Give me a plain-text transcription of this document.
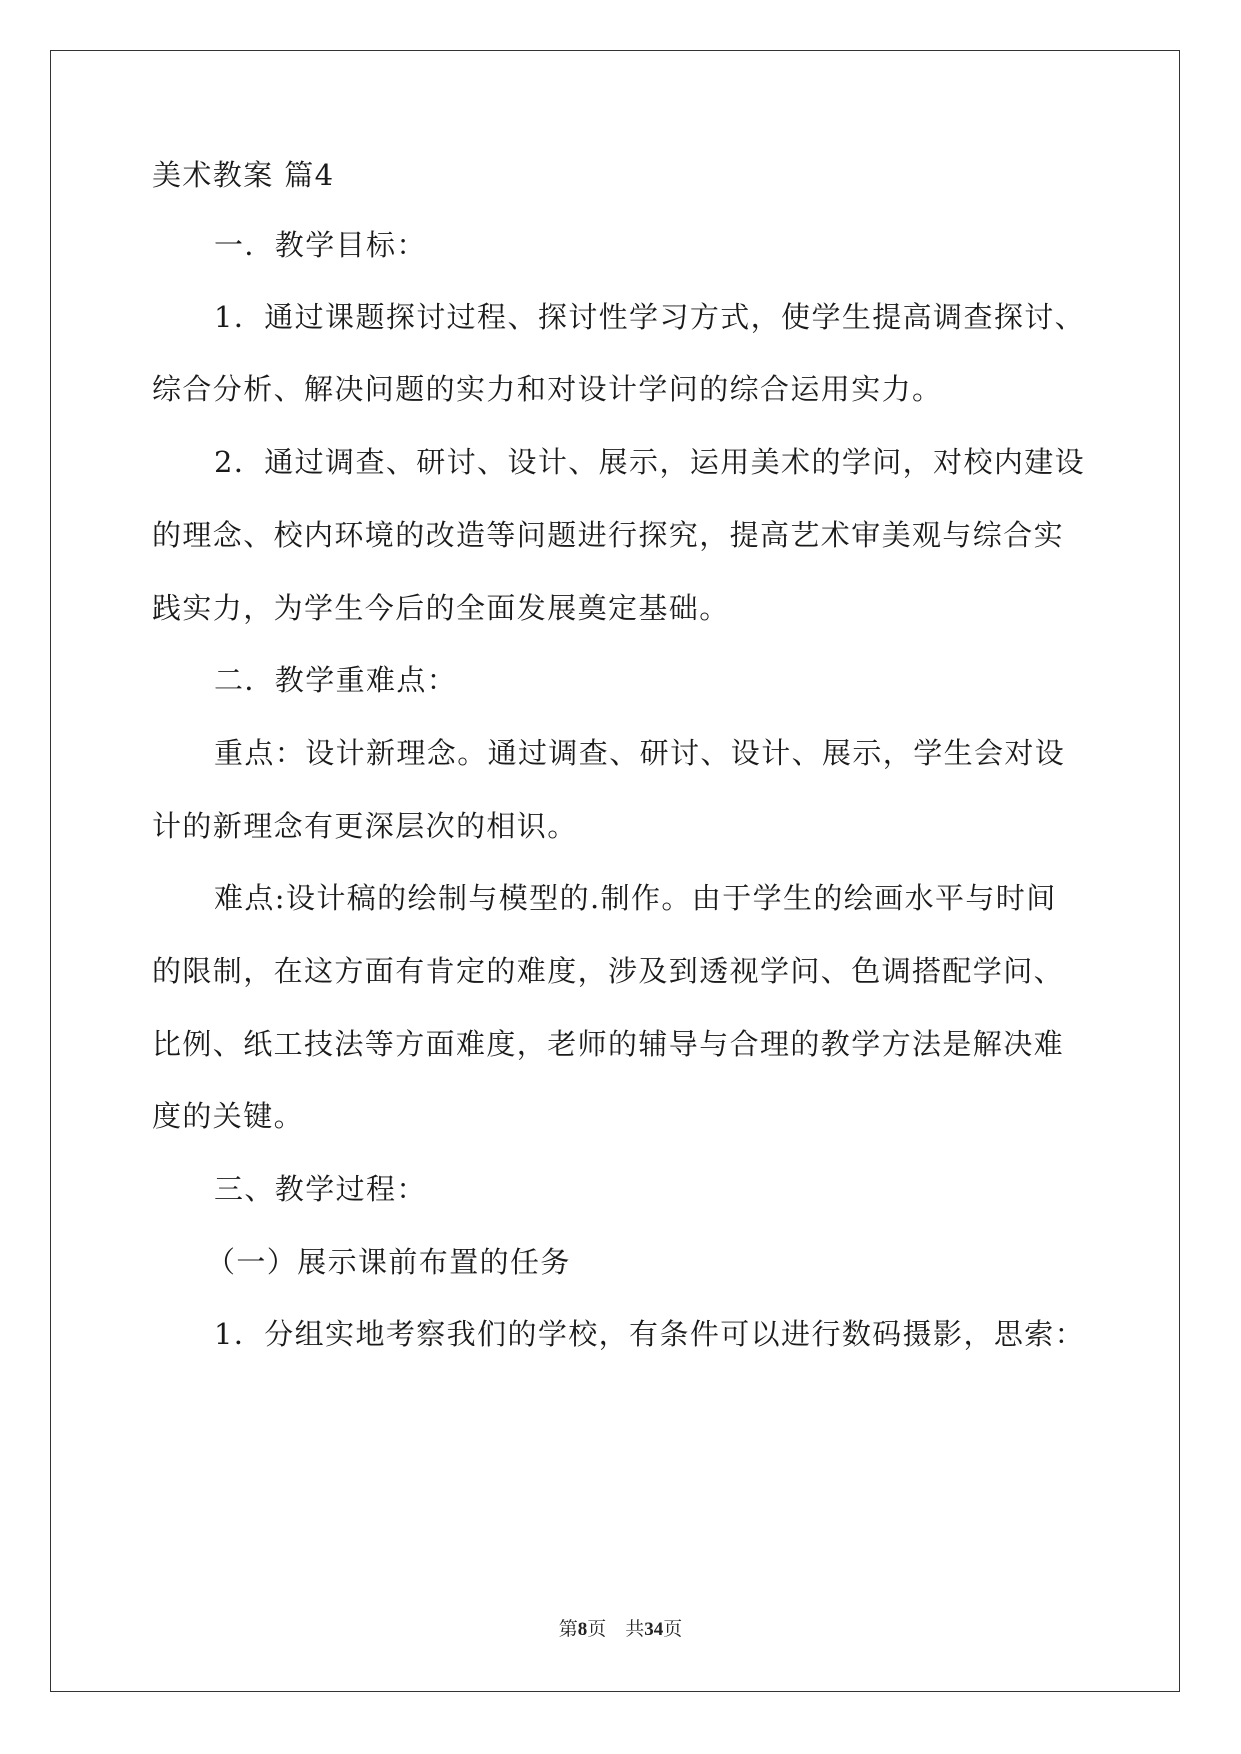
美术教案 篇4
一．教学目标：
1．通过课题探讨过程、探讨性学习方式，使学生提高调查探讨、
综合分析、解决问题的实力和对设计学问的综合运用实力。
2．通过调查、研讨、设计、展示，运用美术的学问，对校内建设
的理念、校内环境的改造等问题进行探究，提高艺术审美观与综合实
践实力，为学生今后的全面发展奠定基础。
二．教学重难点：
重点：设计新理念。通过调查、研讨、设计、展示，学生会对设
计的新理念有更深层次的相识。
难点:设计稿的绘制与模型的.制作。由于学生的绘画水平与时间
的限制，在这方面有肯定的难度，涉及到透视学问、色调搭配学问、
比例、纸工技法等方面难度，老师的辅导与合理的教学方法是解决难
度的关键。
三、教学过程：
（一）展示课前布置的任务
1．分组实地考察我们的学校，有条件可以进行数码摄影，思索：
第8页 共34页
